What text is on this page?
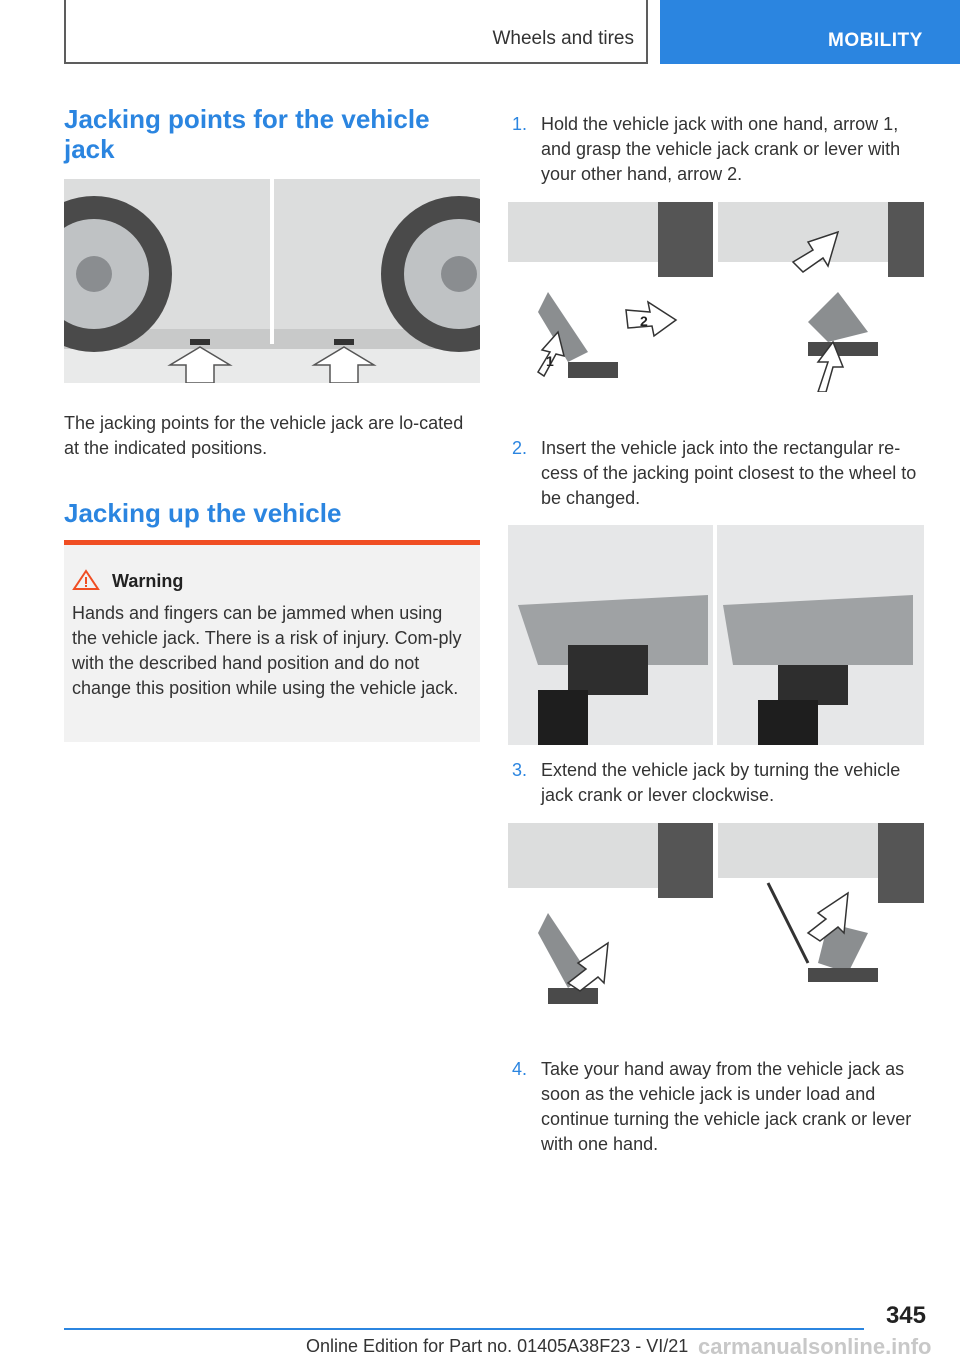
Wheels and tires	MOBILITY
Jacking points for the vehicle jack

The jacking points for the vehicle jack are lo-cated at the indicated positions.

Jacking up the vehicle
Warning

Hands and fingers can be jammed when using the vehicle jack. There is a risk of injury. Com-ply with the described hand position and do not change this position while using the vehicle jack.

1. Hold the vehicle jack with one hand, arrow 1, and grasp the vehicle jack crank or lever with your other hand, arrow 2.

1
2
2. Insert the vehicle jack into the rectangular re-cess of the jacking point closest to the wheel to be changed.

3. Extend the vehicle jack by turning the vehicle jack crank or lever clockwise.

4. Take your hand away from the vehicle jack as soon as the vehicle jack is under load and continue turning the vehicle jack crank or lever with one hand.

345
Online Edition for Part no. 01405A38F23 - VI/21 carmanualsonline.info
